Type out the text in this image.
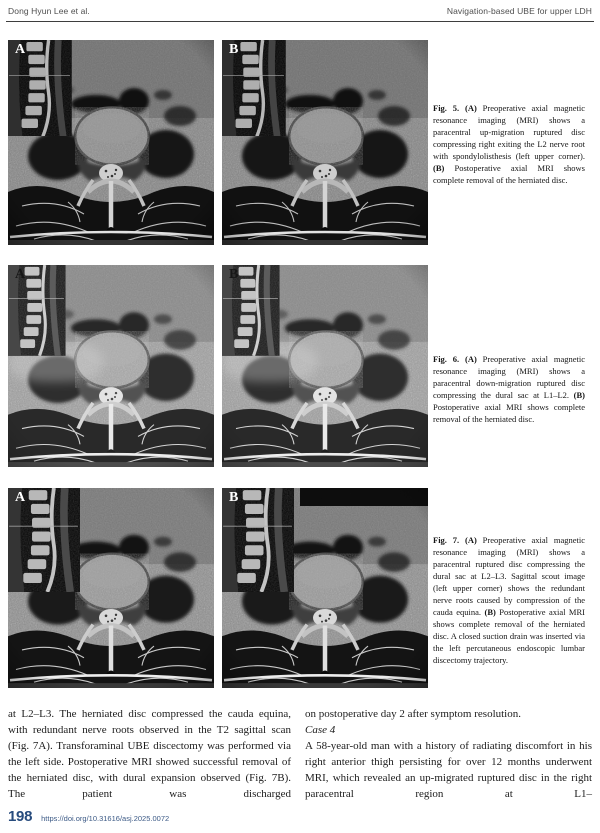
Dong Hyun Lee et al.	Navigation-based UBE for upper LDH
A	B
Fig. 5. (A) Preoperative axial magnetic resonance imaging (MRI) shows a paracentral up-migration ruptured disc compressing right exiting the L2 nerve root with spondylolisthesis (left upper corner). (B) Postoperative axial MRI shows complete removal of the herniated disc.
A	B
Fig. 6. (A) Preoperative axial magnetic resonance imaging (MRI) shows a paracentral down-migration ruptured disc compressing the dural sac at L1–L2. (B) Postoperative axial MRI shows complete removal of the herniated disc.
A	B
Fig. 7. (A) Preoperative axial magnetic resonance imaging (MRI) shows a paracentral ruptured disc compressing the dural sac at L2–L3. Sagittal scout image (left upper corner) shows the redundant nerve roots caused by compression of the cauda equina. (B) Postoperative axial MRI shows complete removal of the herniated disc. A closed suction drain was inserted via the left percutaneous endoscopic lumbar discectomy trajectory.

at L2–L3. The herniated disc compressed the cauda equina, with redundant nerve roots observed in the T2 sagittal scan (Fig. 7A). Transforaminal UBE discectomy was performed via the left side. Postoperative MRI showed successful removal of the herniated disc, with dural expansion observed (Fig. 7B). The patient was discharged

on postoperative day 2 after symptom resolution.

Case 4

A 58-year-old man with a history of radiating discomfort in his right anterior thigh persisting for over 12 months underwent MRI, which revealed an up-migrated ruptured disc in the right paracentral region at L1–

198 https://doi.org/10.31616/asj.2025.0072
